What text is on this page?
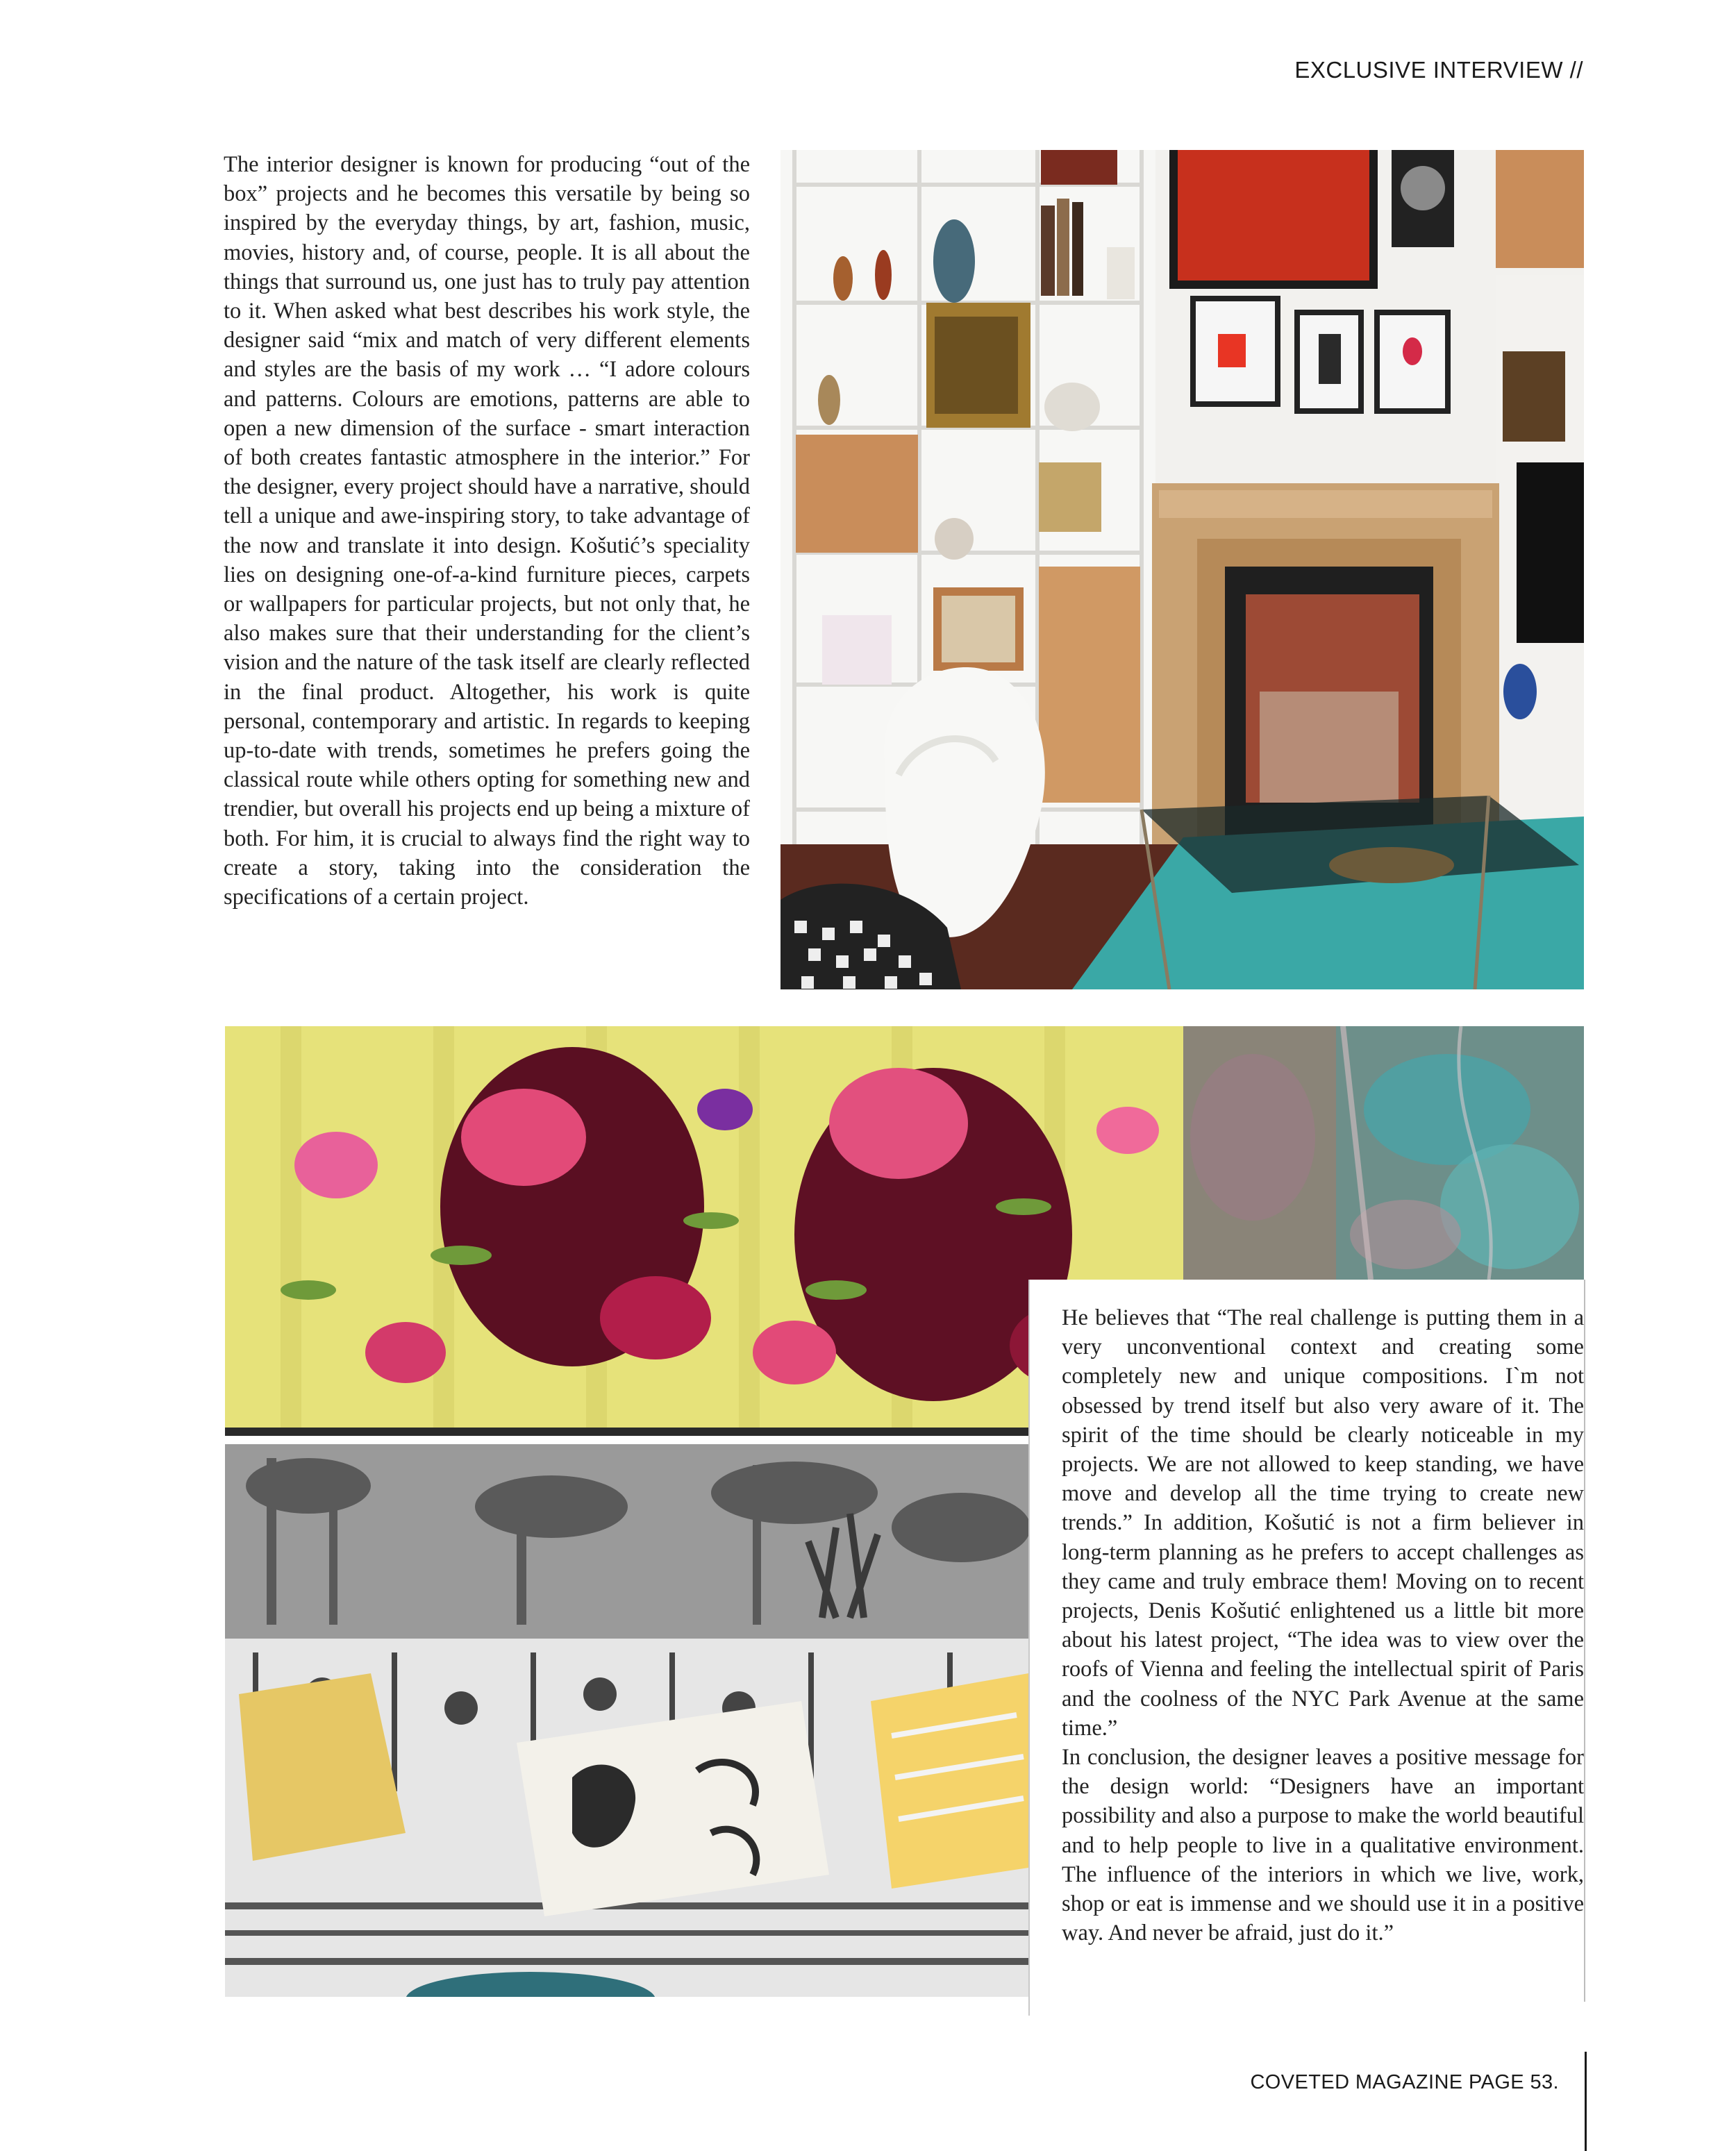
EXCLUSIVE INTERVIEW //

The interior designer is known for producing “out of the box” projects and he becomes this versatile by being so inspired by the everyday things, by art, fashion, music, movies, history and, of course, people. It is all about the things that surround us, one just has to truly pay attention to it. When asked what best describes his work style, the designer said “mix and match of very different elements and styles are the basis of my work … “I adore colours and patterns. Colours are emotions, patterns are able to open a new dimension of the surface - smart interaction of both creates fantastic atmosphere in the interior.” For the designer, every project should have a narrative, should tell a unique and awe-inspiring story, to take advantage of the now and translate it into design. Košutić’s speciality lies on designing one-of-a-kind furniture pieces, carpets or wallpapers for particular projects, but not only that, he also makes sure that their understanding for the client’s vision and the nature of the task itself are clearly reflected in the final product. Altogether, his work is quite personal, contemporary and artistic. In regards to keeping up-to-date with trends, sometimes he prefers going the classical route while others opting for something new and trendier, but overall his projects end up being a mixture of both. For him, it is crucial to always find the right way to create a story, taking into the consideration the specifications of a certain project.

He believes that “The real challenge is putting them in a very unconventional context and creating some completely new and unique compositions. I`m not obsessed by trend itself but also very aware of it. The spirit of the time should be clearly noticeable in my projects. We are not allowed to keep standing, we have move and develop all the time trying to create new trends.” In addition, Košutić is not a firm believer in long-term planning as he prefers to accept challenges as they came and truly embrace them! Moving on to recent projects, Denis Košutić enlightened us a little bit more about his latest project, “The idea was to view over the roofs of Vienna and feeling the intellectual spirit of Paris and the coolness of the NYC Park Avenue at the same time.”

In conclusion, the designer leaves a positive message for the design world: “Designers have an important possibility and also a purpose to make the world beautiful and to help people to live in a qualitative environment. The influence of the interiors in which we live, work, shop or eat is immense and we should use it in a positive way. And never be afraid, just do it.”

COVETED MAGAZINE PAGE 53.
